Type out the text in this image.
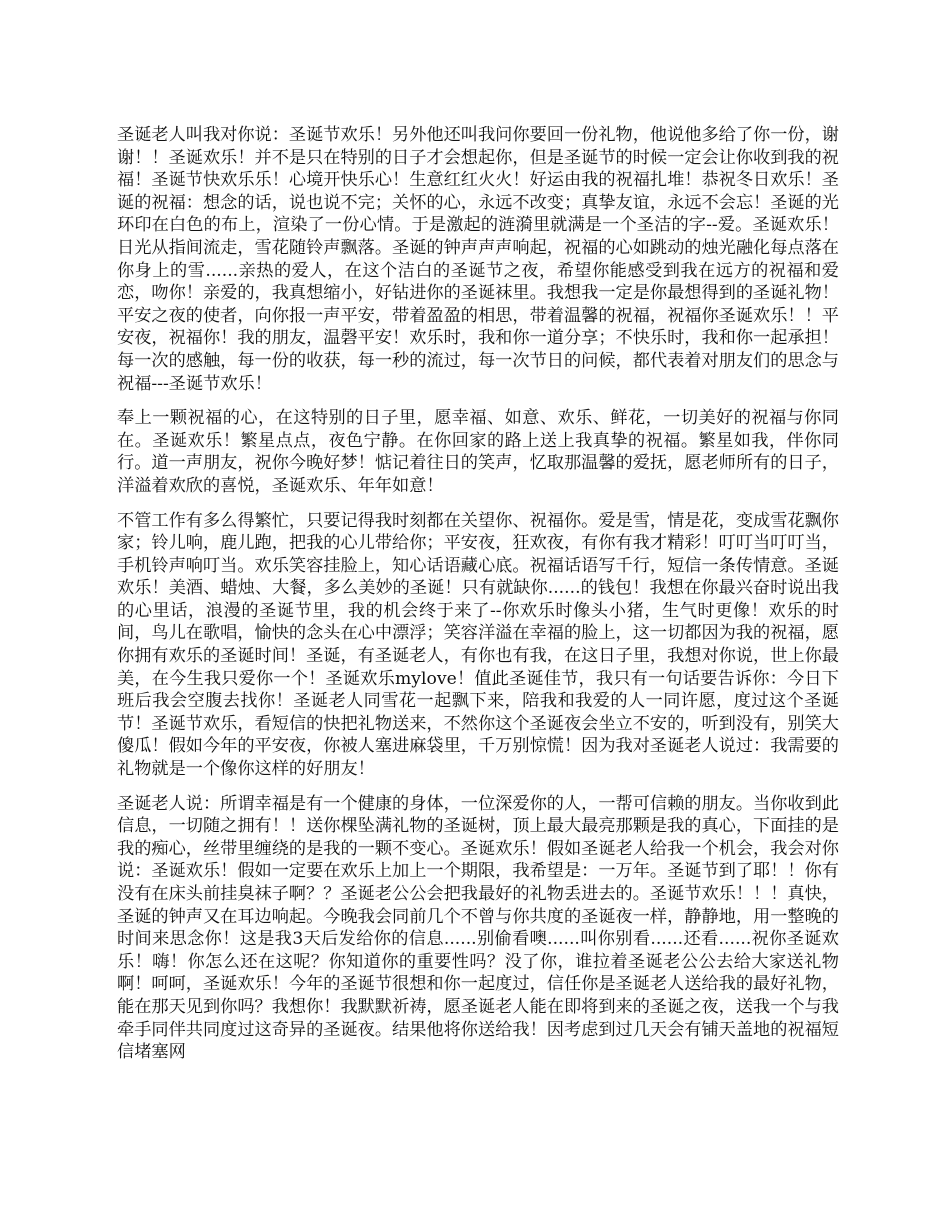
圣诞老人叫我对你说：圣诞节欢乐！另外他还叫我问你要回一份礼物，他说他多给了你一份，谢谢！！圣诞欢乐！并不是只在特别的日子才会想起你，但是圣诞节的时候一定会让你收到我的祝福！圣诞节快欢乐乐！心境开快乐心！生意红红火火！好运由我的祝福扎堆！恭祝冬日欢乐！圣诞的祝福：想念的话，说也说不完；关怀的心，永远不改变；真挚友谊，永远不会忘！圣诞的光环印在白色的布上，渲染了一份心情。于是激起的涟漪里就满是一个圣洁的字--爱。圣诞欢乐！日光从指间流走，雪花随铃声飘落。圣诞的钟声声声响起，祝福的心如跳动的烛光融化每点落在你身上的雪......亲热的爱人，在这个洁白的圣诞节之夜，希望你能感受到我在远方的祝福和爱恋，吻你！亲爱的，我真想缩小，好钻进你的圣诞袜里。我想我一定是你最想得到的圣诞礼物！平安之夜的使者，向你报一声平安，带着盈盈的相思，带着温馨的祝福，祝福你圣诞欢乐！！平安夜，祝福你！我的朋友，温磬平安！欢乐时，我和你一道分享；不快乐时，我和你一起承担！每一次的感触，每一份的收获，每一秒的流过，每一次节日的问候，都代表着对朋友们的思念与祝福---圣诞节欢乐！

奉上一颗祝福的心，在这特别的日子里，愿幸福、如意、欢乐、鲜花，一切美好的祝福与你同在。圣诞欢乐！繁星点点，夜色宁静。在你回家的路上送上我真挚的祝福。繁星如我，伴你同行。道一声朋友，祝你今晚好梦！惦记着往日的笑声，忆取那温馨的爱抚，愿老师所有的日子，洋溢着欢欣的喜悦，圣诞欢乐、年年如意！

不管工作有多么得繁忙，只要记得我时刻都在关望你、祝福你。爱是雪，情是花，变成雪花飘你家；铃儿响，鹿儿跑，把我的心儿带给你；平安夜，狂欢夜，有你有我才精彩！叮叮当叮叮当，手机铃声响叮当。欢乐笑容挂脸上，知心话语藏心底。祝福话语写千行，短信一条传情意。圣诞欢乐！美酒、蜡烛、大餐，多么美妙的圣诞！只有就缺你......的钱包！我想在你最兴奋时说出我的心里话，浪漫的圣诞节里，我的机会终于来了--你欢乐时像头小猪，生气时更像！欢乐的时间，鸟儿在歌唱，愉快的念头在心中漂浮；笑容洋溢在幸福的脸上，这一切都因为我的祝福，愿你拥有欢乐的圣诞时间！圣诞，有圣诞老人，有你也有我，在这日子里，我想对你说，世上你最美，在今生我只爱你一个！圣诞欢乐mylove！值此圣诞佳节，我只有一句话要告诉你：今日下班后我会空腹去找你！圣诞老人同雪花一起飘下来，陪我和我爱的人一同许愿，度过这个圣诞节！圣诞节欢乐，看短信的快把礼物送来，不然你这个圣诞夜会坐立不安的，听到没有，别笑大傻瓜！假如今年的平安夜，你被人塞进麻袋里，千万别惊慌！因为我对圣诞老人说过：我需要的礼物就是一个像你这样的好朋友！

圣诞老人说：所谓幸福是有一个健康的身体，一位深爱你的人，一帮可信赖的朋友。当你收到此信息，一切随之拥有！！送你棵坠满礼物的圣诞树，顶上最大最亮那颗是我的真心，下面挂的是我的痴心，丝带里缠绕的是我的一颗不变心。圣诞欢乐！假如圣诞老人给我一个机会，我会对你说：圣诞欢乐！假如一定要在欢乐上加上一个期限，我希望是：一万年。圣诞节到了耶！！你有没有在床头前挂臭袜子啊？？圣诞老公公会把我最好的礼物丢进去的。圣诞节欢乐！！！真快，圣诞的钟声又在耳边响起。今晚我会同前几个不曾与你共度的圣诞夜一样，静静地，用一整晚的时间来思念你！这是我3天后发给你的信息......别偷看噢......叫你别看......还看......祝你圣诞欢乐！嗨！你怎么还在这呢？你知道你的重要性吗？没了你，谁拉着圣诞老公公去给大家送礼物啊！呵呵，圣诞欢乐！今年的圣诞节很想和你一起度过，信任你是圣诞老人送给我的最好礼物，能在那天见到你吗？我想你！我默默祈祷，愿圣诞老人能在即将到来的圣诞之夜，送我一个与我牵手同伴共同度过这奇异的圣诞夜。结果他将你送给我！因考虑到过几天会有铺天盖地的祝福短信堵塞网
